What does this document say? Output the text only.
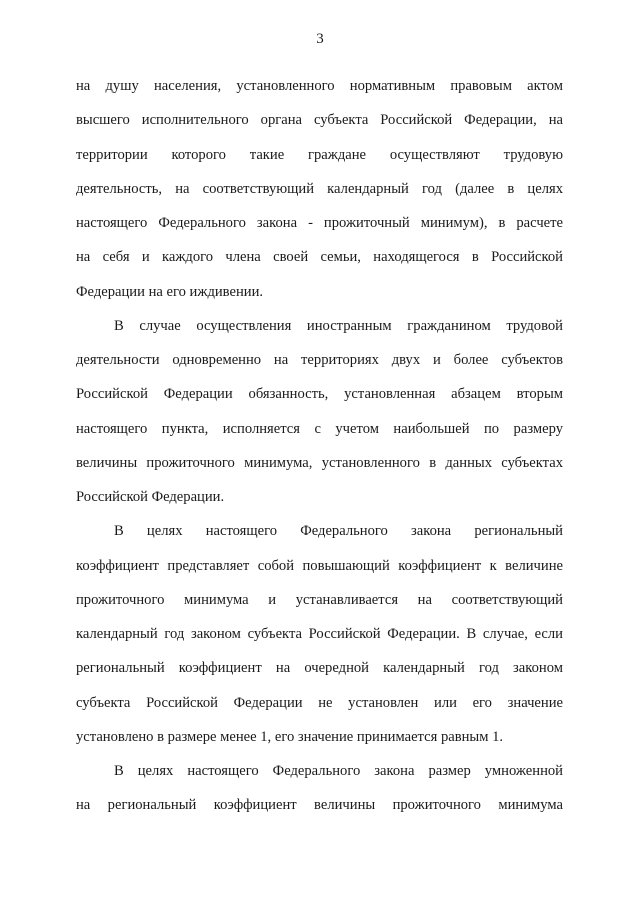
3
на душу населения, установленного нормативным правовым актом
высшего исполнительного органа субъекта Российской Федерации, на
территории которого такие граждане осуществляют трудовую
деятельность, на соответствующий календарный год (далее в целях
настоящего Федерального закона - прожиточный минимум), в расчете
на себя и каждого члена своей семьи, находящегося в Российской
Федерации на его иждивении.
В случае осуществления иностранным гражданином трудовой
деятельности одновременно на территориях двух и более субъектов
Российской Федерации обязанность, установленная абзацем вторым
настоящего пункта, исполняется с учетом наибольшей по размеру
величины прожиточного минимума, установленного в данных субъектах
Российской Федерации.
В целях настоящего Федерального закона региональный
коэффициент представляет собой повышающий коэффициент к величине
прожиточного минимума и устанавливается на соответствующий
календарный год законом субъекта Российской Федерации. В случае, если
региональный коэффициент на очередной календарный год законом
субъекта Российской Федерации не установлен или его значение
установлено в размере менее 1, его значение принимается равным 1.
В целях настоящего Федерального закона размер умноженной
на региональный коэффициент величины прожиточного минимума
